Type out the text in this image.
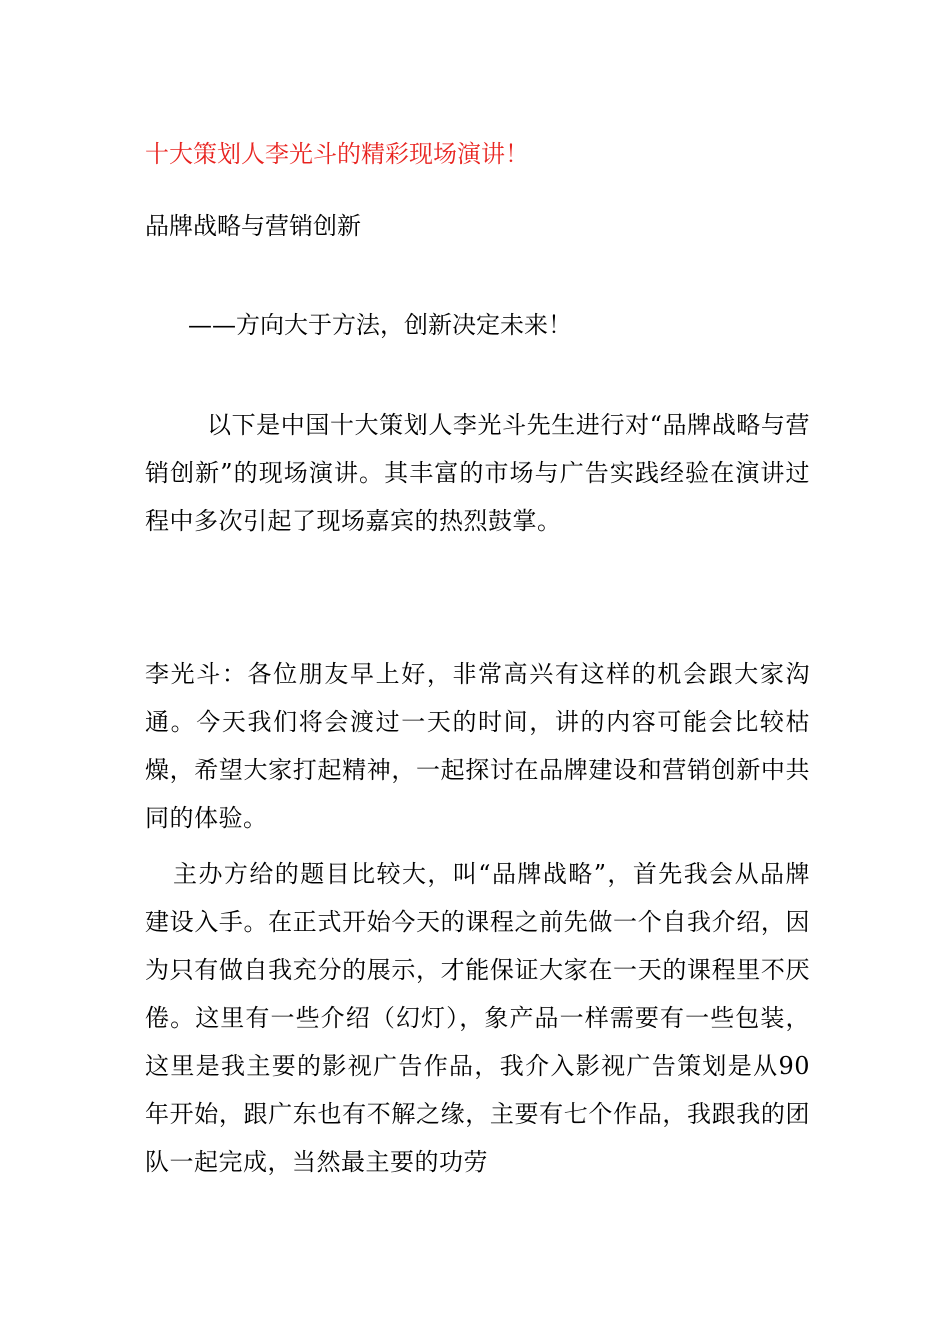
十大策划人李光斗的精彩现场演讲！
品牌战略与营销创新
——方向大于方法，创新决定未来！
以下是中国十大策划人李光斗先生进行对“品牌战略与营销创新”的现场演讲。其丰富的市场与广告实践经验在演讲过程中多次引起了现场嘉宾的热烈鼓掌。
李光斗：各位朋友早上好，非常高兴有这样的机会跟大家沟通。今天我们将会渡过一天的时间，讲的内容可能会比较枯燥，希望大家打起精神，一起探讨在品牌建设和营销创新中共同的体验。
主办方给的题目比较大，叫“品牌战略”，首先我会从品牌建设入手。在正式开始今天的课程之前先做一个自我介绍，因为只有做自我充分的展示，才能保证大家在一天的课程里不厌倦。这里有一些介绍（幻灯），象产品一样需要有一些包装，这里是我主要的影视广告作品，我介入影视广告策划是从90年开始，跟广东也有不解之缘，主要有七个作品，我跟我的团队一起完成，当然最主要的功劳
